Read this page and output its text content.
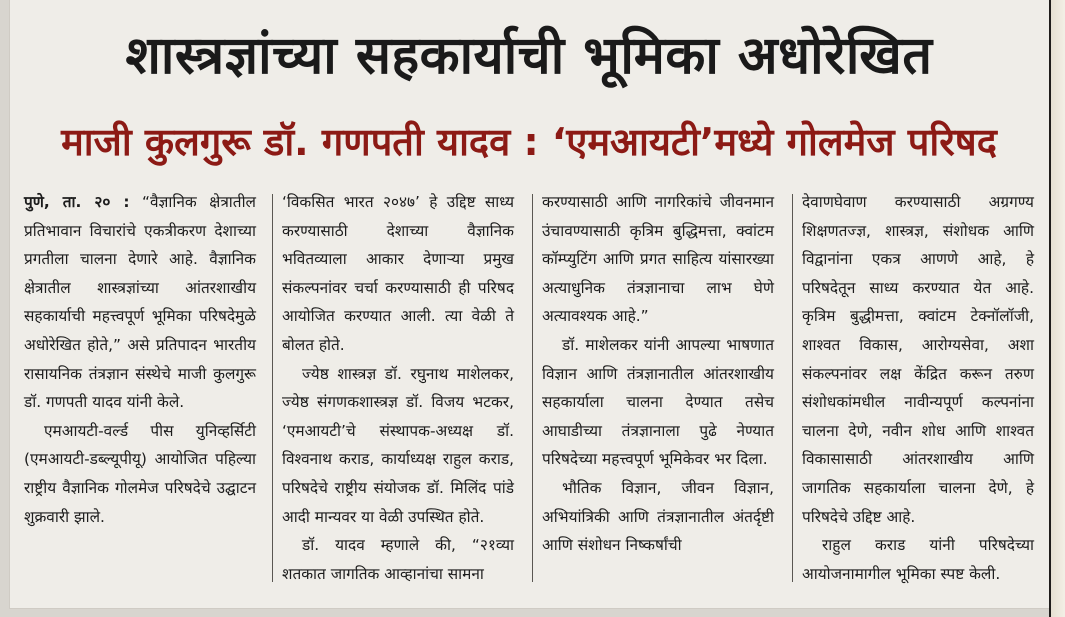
शास्त्रज्ञांच्या सहकार्याची भूमिका अधोरेखित
माजी कुलगुरू डॉ. गणपती यादव : ‘एमआयटी’मध्ये गोलमेज परिषद

पुणे, ता. २० : “वैज्ञानिक क्षेत्रातील प्रतिभावान विचारांचे एकत्रीकरण देशाच्या प्रगतीला चालना देणारे आहे. वैज्ञानिक क्षेत्रातील शास्त्रज्ञांच्या आंतरशाखीय सहकार्याची महत्त्वपूर्ण भूमिका परिषदेमुळे अधोरेखित होते,” असे प्रतिपादन भारतीय रासायनिक तंत्रज्ञान संस्थेचे माजी कुलगुरू डॉ. गणपती यादव यांनी केले.

एमआयटी-वर्ल्ड पीस युनिव्हर्सिटी (एमआयटी-डब्ल्यूपीयू) आयोजित पहिल्या राष्ट्रीय वैज्ञानिक गोलमेज परिषदेचे उद्घाटन शुक्रवारी झाले.

‘विकसित भारत २०४७’ हे उद्दिष्ट साध्य करण्यासाठी देशाच्या वैज्ञानिक भवितव्याला आकार देणाऱ्या प्रमुख संकल्पनांवर चर्चा करण्यासाठी ही परिषद आयोजित करण्यात आली. त्या वेळी ते बोलत होते.

ज्येष्ठ शास्त्रज्ञ डॉ. रघुनाथ माशेलकर, ज्येष्ठ संगणकशास्त्रज्ञ डॉ. विजय भटकर, ‘एमआयटी’चे संस्थापक-अध्यक्ष डॉ. विश्वनाथ कराड, कार्याध्यक्ष राहुल कराड, परिषदेचे राष्ट्रीय संयोजक डॉ. मिलिंद पांडे आदी मान्यवर या वेळी उपस्थित होते.

डॉ. यादव म्हणाले की, “२१व्या शतकात जागतिक आव्हानांचा सामना

करण्यासाठी आणि नागरिकांचे जीवनमान उंचावण्यासाठी कृत्रिम बुद्धिमत्ता, क्वांटम कॉम्प्युटिंग आणि प्रगत साहित्य यांसारख्या अत्याधुनिक तंत्रज्ञानाचा लाभ घेणे अत्यावश्यक आहे.”

डॉ. माशेलकर यांनी आपल्या भाषणात विज्ञान आणि तंत्रज्ञानातील आंतरशाखीय सहकार्याला चालना देण्यात तसेच आघाडीच्या तंत्रज्ञानाला पुढे नेण्यात परिषदेच्या महत्त्वपूर्ण भूमिकेवर भर दिला.

भौतिक विज्ञान, जीवन विज्ञान, अभियांत्रिकी आणि तंत्रज्ञानातील अंतर्दृष्टी आणि संशोधन निष्कर्षांची

देवाणघेवाण करण्यासाठी अग्रगण्य शिक्षणतज्ज्ञ, शास्त्रज्ञ, संशोधक आणि विद्वानांना एकत्र आणणे आहे, हे परिषदेतून साध्य करण्यात येत आहे. कृत्रिम बुद्धीमत्ता, क्वांटम टेक्नॉलॉजी, शाश्वत विकास, आरोग्यसेवा, अशा संकल्पनांवर लक्ष केंद्रित करून तरुण संशोधकांमधील नावीन्यपूर्ण कल्पनांना चालना देणे, नवीन शोध आणि शाश्वत विकासासाठी आंतरशाखीय आणि जागतिक सहकार्याला चालना देणे, हे परिषदेचे उद्दिष्ट आहे.

राहुल कराड यांनी परिषदेच्या आयोजनामागील भूमिका स्पष्ट केली.
